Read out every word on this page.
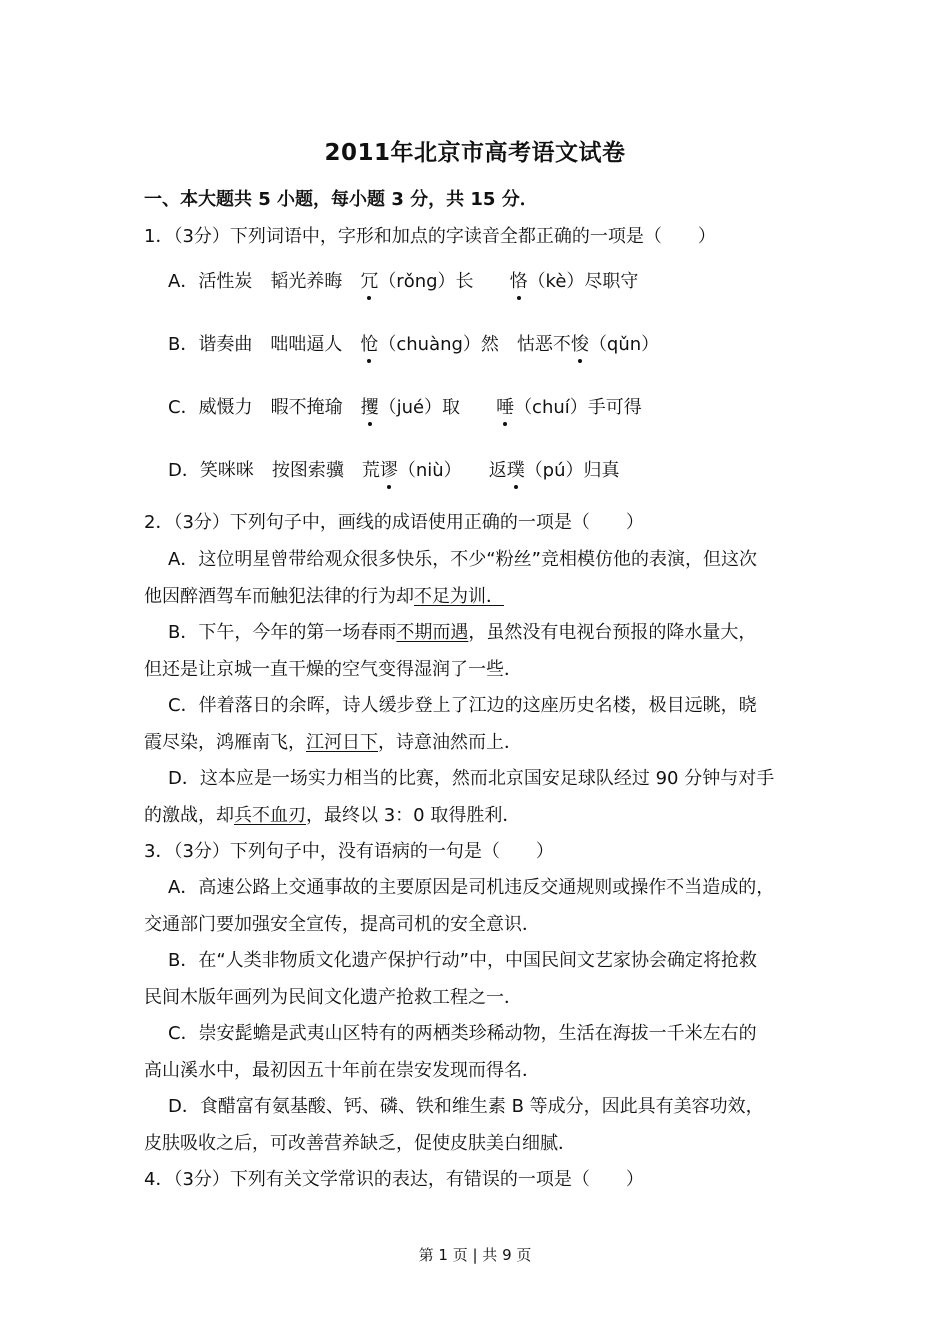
2011年北京市高考语文试卷
一、本大题共 5 小题，每小题 3 分，共 15 分．
1．（3分）下列词语中，字形和加点的字读音全都正确的一项是（　　）
A．活性炭　韬光养晦　冗（rǒng）长　　恪（kè）尽职守
B．谐奏曲　咄咄逼人　怆（chuàng）然　怙恶不悛（qǔn）
C．威慑力　暇不掩瑜　攫（jué）取　　唾（chuí）手可得
D．笑咪咪　按图索骥　荒谬（niù）　　返璞（pú）归真
2．（3分）下列句子中，画线的成语使用正确的一项是（　　）
A．这位明星曾带给观众很多快乐，不少“粉丝”竞相模仿他的表演，但这次
他因醉酒驾车而触犯法律的行为却不足为训．
B．下午，今年的第一场春雨不期而遇，虽然没有电视台预报的降水量大，
但还是让京城一直干燥的空气变得湿润了一些．
C．伴着落日的余晖，诗人缓步登上了江边的这座历史名楼，极目远眺，晓
霞尽染，鸿雁南飞，江河日下，诗意油然而上．
D．这本应是一场实力相当的比赛，然而北京国安足球队经过 90 分钟与对手
的激战，却兵不血刃，最终以 3：0 取得胜利．
3．（3分）下列句子中，没有语病的一句是（　　）
A．高速公路上交通事故的主要原因是司机违反交通规则或操作不当造成的，
交通部门要加强安全宣传，提高司机的安全意识．
B．在“人类非物质文化遗产保护行动”中，中国民间文艺家协会确定将抢救
民间木版年画列为民间文化遗产抢救工程之一．
C．崇安髭蟾是武夷山区特有的两栖类珍稀动物，生活在海拔一千米左右的
高山溪水中，最初因五十年前在崇安发现而得名．
D．食醋富有氨基酸、钙、磷、铁和维生素 B 等成分，因此具有美容功效，
皮肤吸收之后，可改善营养缺乏，促使皮肤美白细腻．
4．（3分）下列有关文学常识的表达，有错误的一项是（　　）
第 1 页 | 共 9 页
